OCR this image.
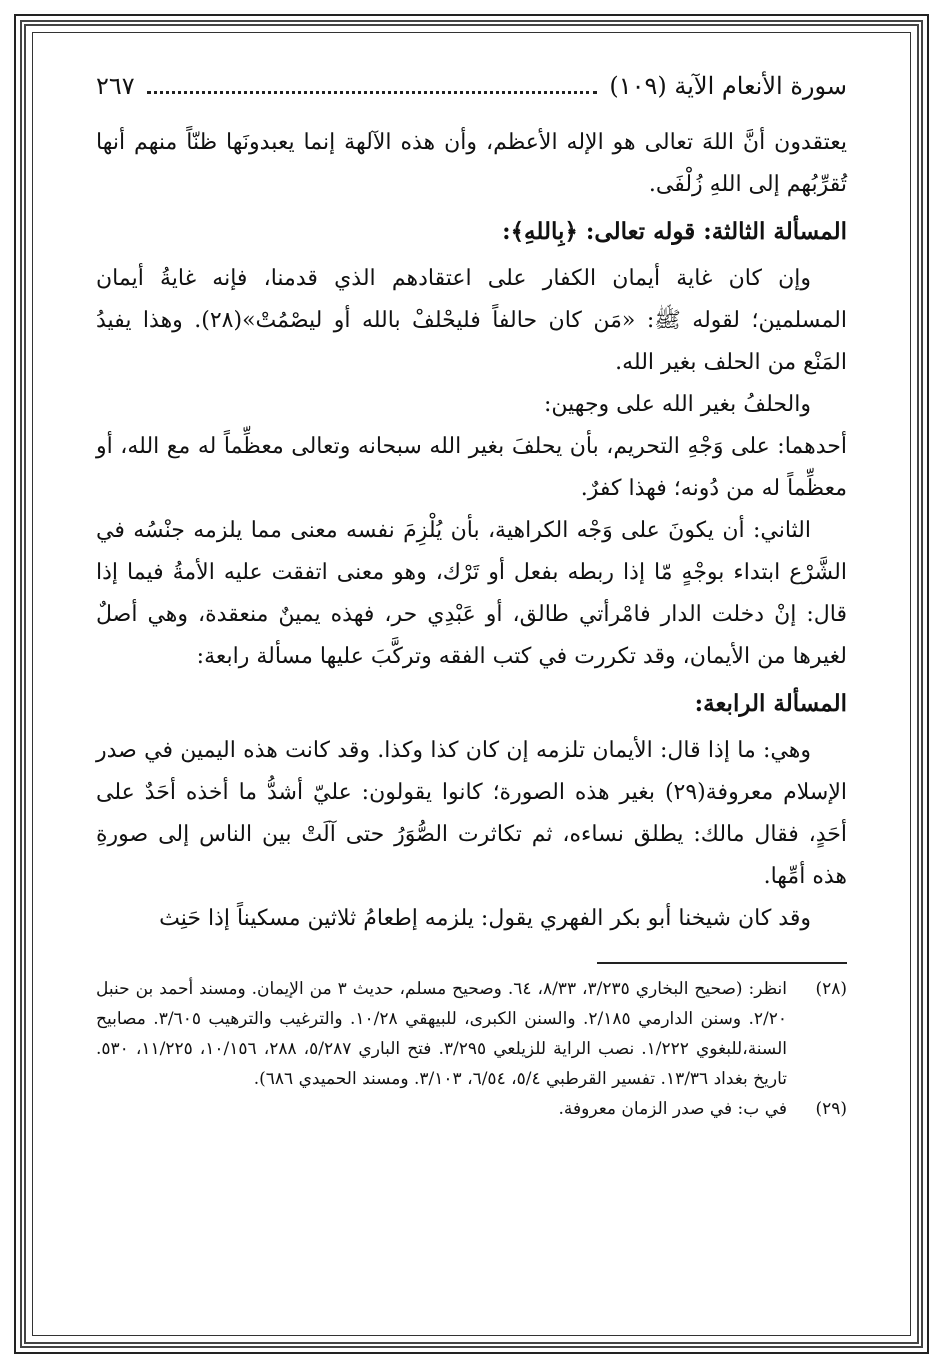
سورة الأنعام الآية (١٠٩)
٢٦٧

يعتقدون أنَّ اللهَ تعالى هو الإله الأعظم، وأن هذه الآلهة إنما يعبدونَها ظنّاً منهم أنها تُقرِّبُهم إلى اللهِ زُلْفَى.

المسألة الثالثة: قوله تعالى: ﴿بِاللهِ﴾:

وإن كان غاية أيمان الكفار على اعتقادهم الذي قدمنا، فإنه غايةُ أيمان المسلمين؛ لقوله ﷺ: «مَن كان حالفاً فليحْلفْ بالله أو ليصْمُتْ»(٢٨). وهذا يفيدُ المَنْع من الحلف بغير الله.

والحلفُ بغير الله على وجهين:

أحدهما: على وَجْهِ التحريم، بأن يحلفَ بغير الله سبحانه وتعالى معظِّماً له مع الله، أو معظِّماً له من دُونه؛ فهذا كفرٌ.

الثاني: أن يكونَ على وَجْه الكراهية، بأن يُلْزِمَ نفسه معنى مما يلزمه جنْسُه في الشَّرْع ابتداء بوجْهٍ مّا إذا ربطه بفعل أو تَرْك، وهو معنى اتفقت عليه الأمةُ فيما إذا قال: إنْ دخلت الدار فامْرأتي طالق، أو عَبْدِي حر، فهذه يمينٌ منعقدة، وهي أصلٌ لغيرها من الأيمان، وقد تكررت في كتب الفقه وتركَّبَ عليها مسألة رابعة:

المسألة الرابعة:

وهي: ما إذا قال: الأيمان تلزمه إن كان كذا وكذا. وقد كانت هذه اليمين في صدر الإسلام معروفة(٢٩) بغير هذه الصورة؛ كانوا يقولون: عليّ أشدُّ ما أخذه أحَدٌ على أحَدٍ، فقال مالك: يطلق نساءه، ثم تكاثرت الصُّوَرُ حتى آلَتْ بين الناس إلى صورةِ هذه أمِّها.

وقد كان شيخنا أبو بكر الفهري يقول: يلزمه إطعامُ ثلاثين مسكيناً إذا حَنِث

(٢٨)
انظر: (صحيح البخاري ٣/٢٣٥، ٨/٣٣، ٦٤. وصحيح مسلم، حديث ٣ من الإيمان. ومسند أحمد بن حنبل ٢/٢٠. وسنن الدارمي ٢/١٨٥. والسنن الكبرى، للبيهقي ١٠/٢٨. والترغيب والترهيب ٣/٦٠٥. مصابيح السنة،للبغوي ١/٢٢٢. نصب الراية للزيلعي ٣/٢٩٥. فتح الباري ٥/٢٨٧، ٢٨٨، ١٠/١٥٦، ١١/٢٢٥، ٥٣٠. تاريخ بغداد ١٣/٣٦. تفسير القرطبي ٥/٤، ٦/٥٤، ٣/١٠٣. ومسند الحميدي ٦٨٦).
(٢٩)
في ب: في صدر الزمان معروفة.
